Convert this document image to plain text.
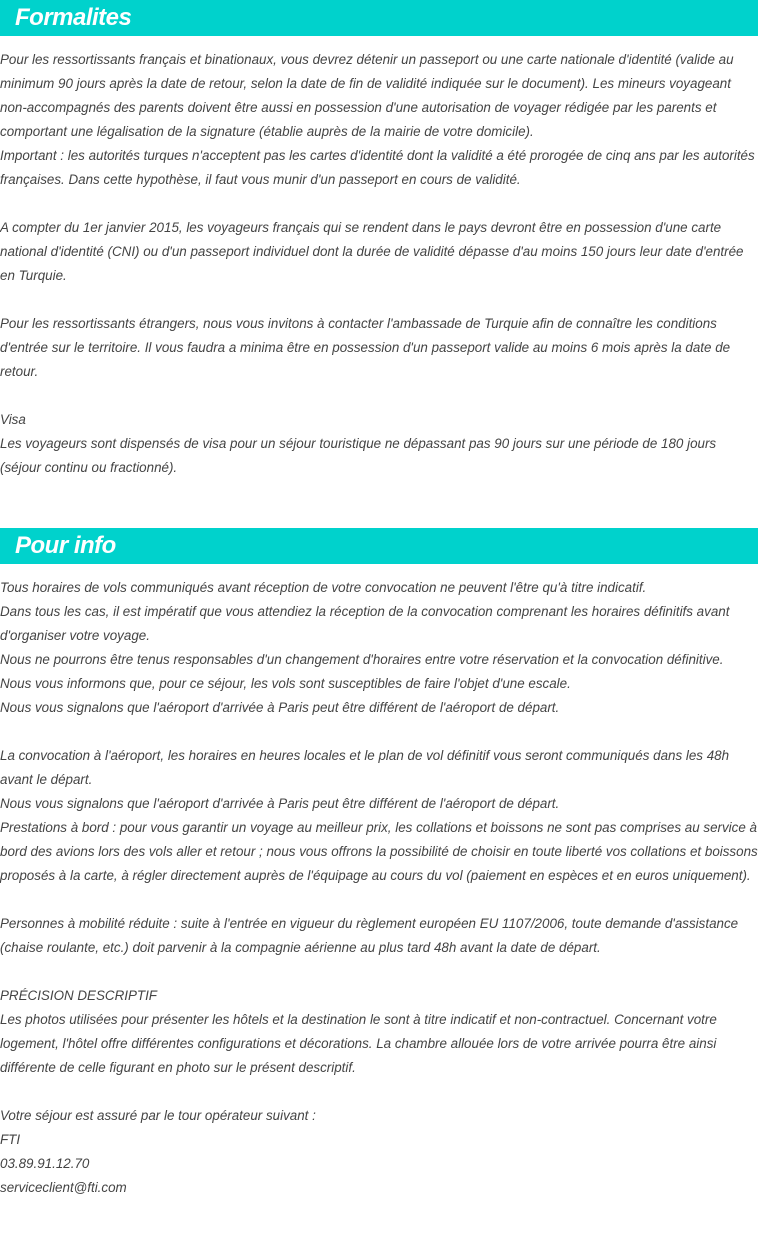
Formalites
Pour les ressortissants français et binationaux, vous devrez détenir un passeport ou une carte nationale d'identité (valide au minimum 90 jours après la date de retour, selon la date de fin de validité indiquée sur le document). Les mineurs voyageant non-accompagnés des parents doivent être aussi en possession d'une autorisation de voyager rédigée par les parents et comportant une légalisation de la signature (établie auprès de la mairie de votre domicile).
Important : les autorités turques n'acceptent pas les cartes d'identité dont la validité a été prorogée de cinq ans par les autorités françaises. Dans cette hypothèse, il faut vous munir d'un passeport en cours de validité.
A compter du 1er janvier 2015, les voyageurs français qui se rendent dans le pays devront être en possession d'une carte national d'identité (CNI) ou d'un passeport individuel dont la durée de validité dépasse d'au moins 150 jours leur date d'entrée en Turquie.
Pour les ressortissants étrangers, nous vous invitons à contacter l'ambassade de Turquie afin de connaître les conditions d'entrée sur le territoire. Il vous faudra a minima être en possession d'un passeport valide au moins 6 mois après la date de retour.
Visa
Les voyageurs sont dispensés de visa pour un séjour touristique ne dépassant pas 90 jours sur une période de 180 jours (séjour continu ou fractionné).
Pour info
Tous horaires de vols communiqués avant réception de votre convocation ne peuvent l'être qu'à titre indicatif.
Dans tous les cas, il est impératif que vous attendiez la réception de la convocation comprenant les horaires définitifs avant d'organiser votre voyage.
Nous ne pourrons être tenus responsables d'un changement d'horaires entre votre réservation et la convocation définitive.
Nous vous informons que, pour ce séjour, les vols sont susceptibles de faire l'objet d'une escale.
Nous vous signalons que l'aéroport d'arrivée à Paris peut être différent de l'aéroport de départ.
La convocation à l'aéroport, les horaires en heures locales et le plan de vol définitif vous seront communiqués dans les 48h avant le départ.
Nous vous signalons que l'aéroport d'arrivée à Paris peut être différent de l'aéroport de départ.
Prestations à bord : pour vous garantir un voyage au meilleur prix, les collations et boissons ne sont pas comprises au service à bord des avions lors des vols aller et retour ; nous vous offrons la possibilité de choisir en toute liberté vos collations et boissons proposés à la carte, à régler directement auprès de l'équipage au cours du vol (paiement en espèces et en euros uniquement).
Personnes à mobilité réduite : suite à l'entrée en vigueur du règlement européen EU 1107/2006, toute demande d'assistance (chaise roulante, etc.) doit parvenir à la compagnie aérienne au plus tard 48h avant la date de départ.
PRÉCISION DESCRIPTIF
Les photos utilisées pour présenter les hôtels et la destination le sont à titre indicatif et non-contractuel. Concernant votre logement, l'hôtel offre différentes configurations et décorations. La chambre allouée lors de votre arrivée pourra être ainsi différente de celle figurant en photo sur le présent descriptif.
Votre séjour est assuré par le tour opérateur suivant :
FTI
03.89.91.12.70
serviceclient@fti.com
